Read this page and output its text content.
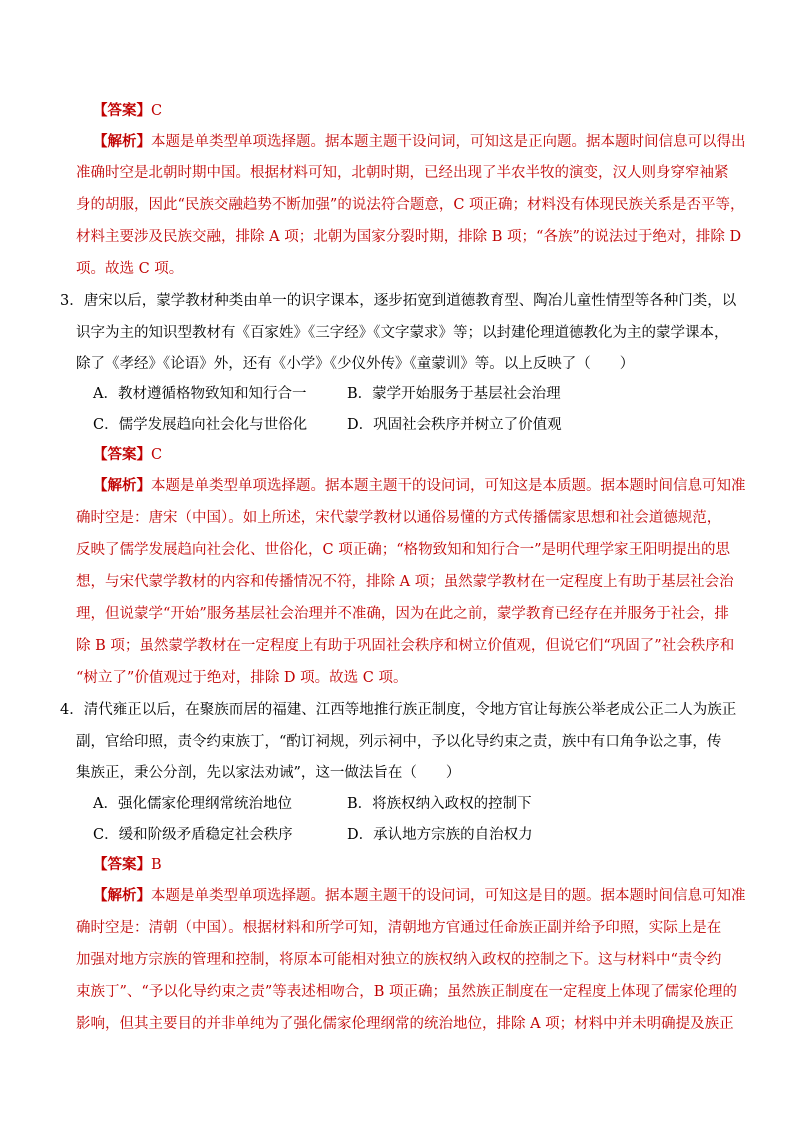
【答案】C
【解析】本题是单类型单项选择题。据本题主题干设问词，可知这是正向题。据本题时间信息可以得出
准确时空是北朝时期中国。根据材料可知，北朝时期，已经出现了半农半牧的演变，汉人则身穿窄袖紧
身的胡服，因此“民族交融趋势不断加强”的说法符合题意，C 项正确；材料没有体现民族关系是否平等，
材料主要涉及民族交融，排除 A 项；北朝为国家分裂时期，排除 B 项；“各族”的说法过于绝对，排除 D
项。故选 C 项。
3．唐宋以后，蒙学教材种类由单一的识字课本，逐步拓宽到道德教育型、陶冶儿童性情型等各种门类，以
识字为主的知识型教材有《百家姓》《三字经》《文字蒙求》等；以封建伦理道德教化为主的蒙学课本，
除了《孝经》《论语》外，还有《小学》《少仪外传》《童蒙训》等。以上反映了（　　）
A．教材遵循格物致知和知行合一	B．蒙学开始服务于基层社会治理
C．儒学发展趋向社会化与世俗化	D．巩固社会秩序并树立了价值观
【答案】C
【解析】本题是单类型单项选择题。据本题主题干的设问词，可知这是本质题。据本题时间信息可知准
确时空是：唐宋（中国）。如上所述，宋代蒙学教材以通俗易懂的方式传播儒家思想和社会道德规范，
反映了儒学发展趋向社会化、世俗化，C 项正确；“格物致知和知行合一”是明代理学家王阳明提出的思
想，与宋代蒙学教材的内容和传播情况不符，排除 A 项；虽然蒙学教材在一定程度上有助于基层社会治
理，但说蒙学“开始”服务基层社会治理并不准确，因为在此之前，蒙学教育已经存在并服务于社会，排
除 B 项；虽然蒙学教材在一定程度上有助于巩固社会秩序和树立价值观，但说它们“巩固了”社会秩序和
“树立了”价值观过于绝对，排除 D 项。故选 C 项。
4．清代雍正以后，在聚族而居的福建、江西等地推行族正制度，令地方官让每族公举老成公正二人为族正
副，官给印照，责令约束族丁，“酌订祠规，列示祠中，予以化导约束之责，族中有口角争讼之事，传
集族正，秉公分剖，先以家法劝诫”，这一做法旨在（　　）
A．强化儒家伦理纲常统治地位	B．将族权纳入政权的控制下
C．缓和阶级矛盾稳定社会秩序	D．承认地方宗族的自治权力
【答案】B
【解析】本题是单类型单项选择题。据本题主题干的设问词，可知这是目的题。据本题时间信息可知准
确时空是：清朝（中国）。根据材料和所学可知，清朝地方官通过任命族正副并给予印照，实际上是在
加强对地方宗族的管理和控制，将原本可能相对独立的族权纳入政权的控制之下。这与材料中“责令约
束族丁”、“予以化导约束之责”等表述相吻合，B 项正确；虽然族正制度在一定程度上体现了儒家伦理的
影响，但其主要目的并非单纯为了强化儒家伦理纲常的统治地位，排除 A 项；材料中并未明确提及族正
